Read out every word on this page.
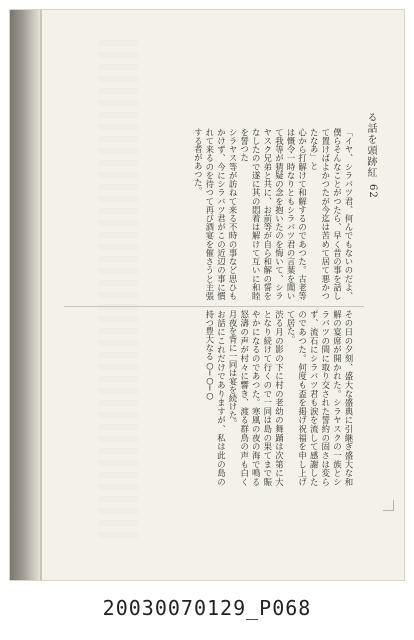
る話を頭跡紅
62
「イヤ、シラバツ君、何んでもないのだよ、僕らそんなことがつたら、早く昔の事を話して置けばよかつたが今迄は苦めて居て悪かつたなあ」と
心から打解けて和解するのであつた。古老等は慨令一時なりともシラバツ君の言葉を聞いて我等が猜疑の念を抱いたのを悔いて、シラヤスク兄弟と共に、お前等が自ら和解の誓をなしたので遂に其の悶着は解けて互いに和睦を誓つた
シラヤス等が訪ねて来る不時の事など思ひもかけず、今にシラバツ君がこの近辺の事に慣れて来るのを待つて再び酒宴を催さうと主張する者があつた。
その日の夕刻、盛大な盛典に引継ぎ盛大な和解の宴席が開かれた。シラヤスクの一族とシラバツの間に取り交された誓約の固さは変らず、流石にシラバツ君も涙を流して感謝したのであつた。何度も盃を掲げ祝福を申し上げて居た。
渋る月の影の下に村の老幼の舞踊は次第に大となり続けて行くので一同は島の果てまで賑やかになるのであつた。寒風の夜の海で鳴る怒濤の声が村々に響き、渡る群鳥の声も白く月夜を背に一同は宴を続けた。
お話にこれだけでありますが、私は此の島の持つ豊大なる○─○─○
20030070129_P068
